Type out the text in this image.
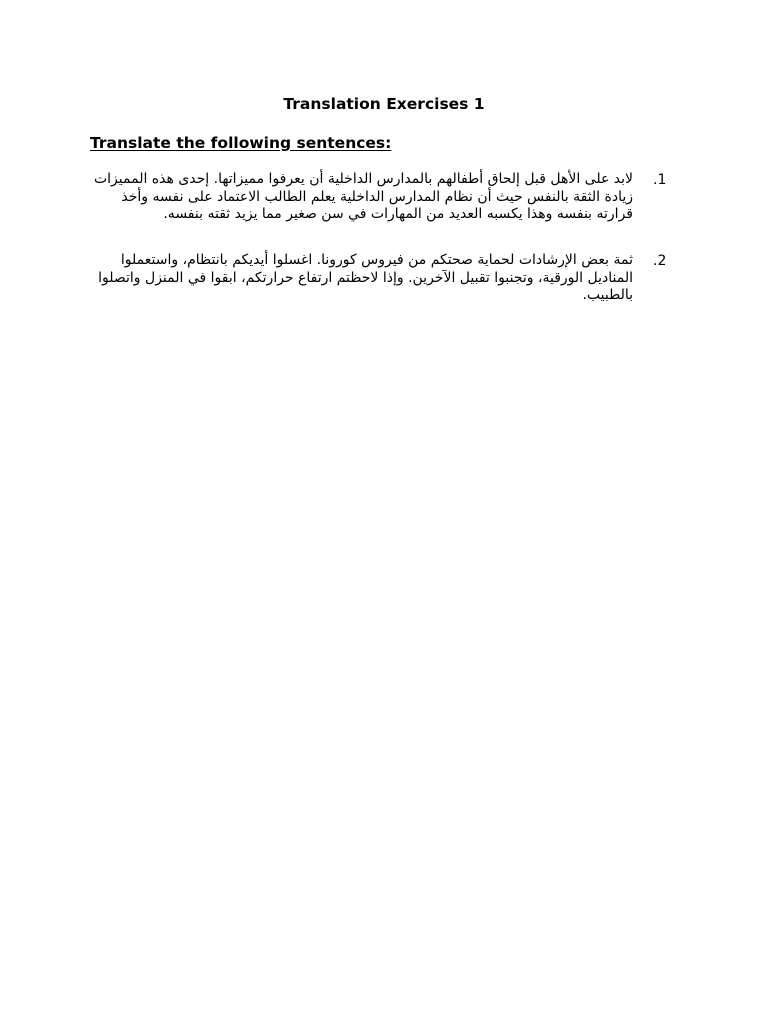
Translation Exercises 1
Translate the following sentences:
.1
لابد على الأهل قبل إلحاق أطفالهم بالمدارس الداخلية أن يعرفوا مميزاتها. إحدى هذه المميزات زيادة الثقة بالنفس حيث أن نظام المدارس الداخلية يعلم الطالب الاعتماد على نفسه وأخذ قرارته بنفسه وهذا يكسبه العديد من المهارات في سن صغير مما يزيد ثقته بنفسه.
.2
ثمة بعض الإرشادات لحماية صحتكم من فيروس كورونا. اغسلوا أيديكم بانتظام، واستعملوا المناديل الورقية، وتجنبوا تقبيل الآخرين. وإذا لاحظتم ارتفاع حرارتكم، ابقوا في المنزل واتصلوا بالطبيب.
